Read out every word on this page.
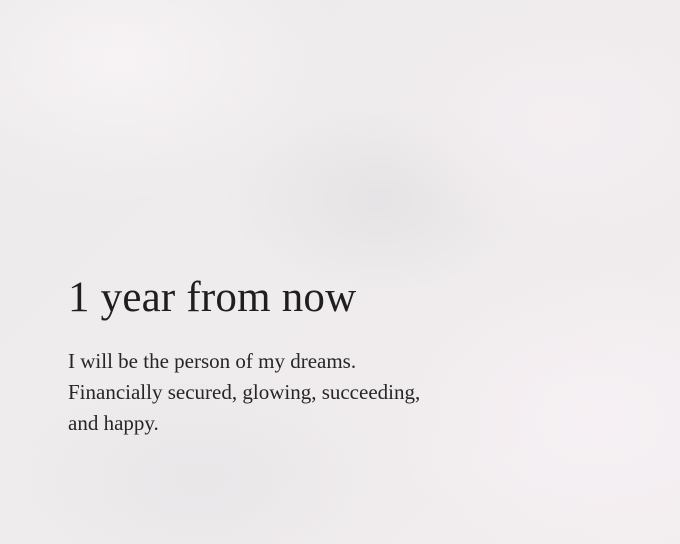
1 year from now
I will be the person of my dreams.
Financially secured, glowing, succeeding,
and happy.
